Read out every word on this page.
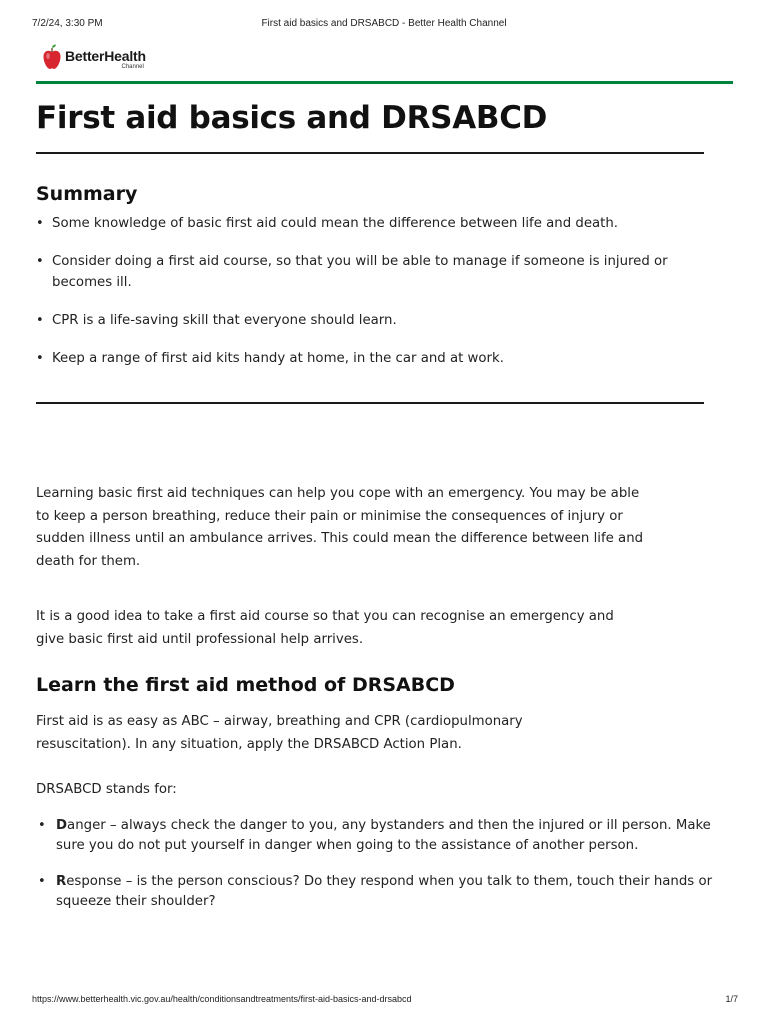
7/2/24, 3:30 PM	First aid basics and DRSABCD - Better Health Channel
BetterHealth
Channel
First aid basics and DRSABCD
Summary
• Some knowledge of basic first aid could mean the difference between life and death.
• Consider doing a first aid course, so that you will be able to manage if someone is injured or becomes ill.
• CPR is a life-saving skill that everyone should learn.
• Keep a range of first aid kits handy at home, in the car and at work.

Learning basic first aid techniques can help you cope with an emergency. You may be able to keep a person breathing, reduce their pain or minimise the consequences of injury or sudden illness until an ambulance arrives. This could mean the difference between life and death for them.

It is a good idea to take a first aid course so that you can recognise an emergency and give basic first aid until professional help arrives.

Learn the first aid method of DRSABCD

First aid is as easy as ABC – airway, breathing and CPR (cardiopulmonary resuscitation). In any situation, apply the DRSABCD Action Plan.

DRSABCD stands for:

• Danger – always check the danger to you, any bystanders and then the injured or ill person. Make sure you do not put yourself in danger when going to the assistance of another person.
• Response – is the person conscious? Do they respond when you talk to them, touch their hands or squeeze their shoulder?
https://www.betterhealth.vic.gov.au/health/conditionsandtreatments/first-aid-basics-and-drsabcd	1/7
